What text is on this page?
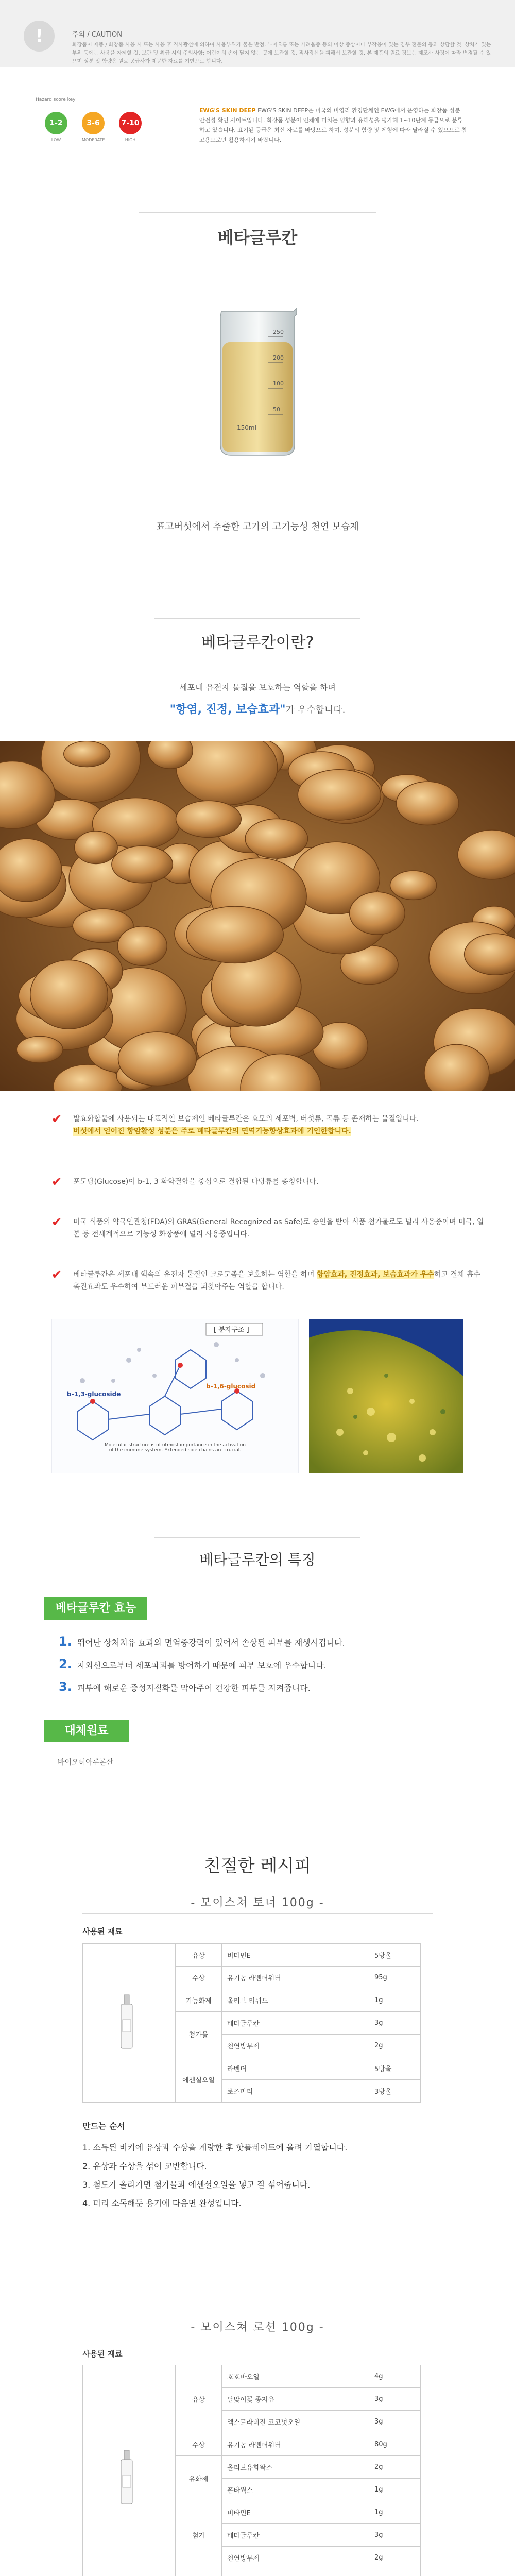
!	주의 / CAUTION
화장품이 제품 / 화장품 사용 시 또는 사용 후 직사광선에 의하여 사용부위가 붉은 반점, 부어오름 또는 가려움증 등의 이상 증상이나 부작용이 있는 경우 전문의 등과 상담할 것. 상처가 있는 부위 등에는 사용을 자제할 것. 보관 및 취급 시의 주의사항: 어린이의 손이 닿지 않는 곳에 보관할 것, 직사광선을 피해서 보관할 것. 본 제품의 원료 정보는 제조사 사정에 따라 변경될 수 있으며 성분 및 함량은 원료 공급사가 제공한 자료를 기반으로 합니다.
Hazard score key
1-2
LOW
3-6
MODERATE
7-10
HIGH
EWG'S SKIN DEEP EWG'S SKIN DEEP은 미국의 비영리 환경단체인 EWG에서 운영하는 화장품 성분 안전성 확인 사이트입니다. 화장품 성분이 인체에 미치는 영향과 유해성을 평가해 1~10단계 등급으로 분류하고 있습니다. 표기된 등급은 최신 자료를 바탕으로 하며, 성분의 함량 및 제형에 따라 달라질 수 있으므로 참고용으로만 활용하시기 바랍니다.
베타글루칸
250
200
100
50
150ml
표고버섯에서 추출한 고가의 고기능성 천연 보습제
베타글루칸이란?
세포내 유전자 물질을 보호하는 역할을 하며
"항염, 진정, 보습효과"가 우수합니다.
✔ 발효화합물에 사용되는 대표적인 보습제인 베타글루칸은 효모의 세포벽, 버섯류, 곡류 등 존재하는 물질입니다.

버섯에서 얻어진 항암활성 성분은 주로 베타글루칸의 면역기능향상효과에 기인한합니다.

✔ 포도당(Glucose)이 b-1, 3 화학결합을 중심으로 결합된 다당류를 총칭합니다.

✔ 미국 식품의 약국연관청(FDA)의 GRAS(General Recognized as Safe)로 승인을 받아 식품 첨가물로도 널리 사용중이며 미국, 일본 등 전세계적으로 기능성 화장품에 널리 사용중입니다.

✔ 베타글루칸은 세포내 핵속의 유전자 물질인 크로모좀을 보호하는 역할을 하며 항암효과, 진정효과, 보습효과가 우수하고 결체 흡수촉진효과도 우수하여 부드러운 피부결을 되찾아주는 역할을 합니다.

[ 분자구조 ]
b-1,3-glucoside
b-1,6-glucosid
Molecular structure is of utmost importance in the activation of the immune system. Extended side chains are crucial.
베타글루칸의 특징
베타글루칸 효능
1. 뛰어난 상처치유 효과와 면역증강력이 있어서 손상된 피부를 재생시킵니다.
2. 자외선으로부터 세포파괴를 방어하기 때문에 피부 보호에 우수합니다.
3. 피부에 해로운 중성지질화를 막아주어 건강한 피부를 지켜줍니다.
대체원료
바이오히아루론산
친절한 레시피
- 모이스쳐 토너 100g -
사용된 재료
	유상	비타민E	5방울
	수상	유기농 라벤더워터	95g
	기능화제	올리브 리퀴드	1g
	첨가물	베타글루칸	3g
		천연방부제	2g
	에센셜오일	라벤더	5방울
		로즈마리	3방울
만드는 순서

1. 소독된 비커에 유상과 수상을 계량한 후 핫플레이트에 올려 가열합니다.

2. 유상과 수상을 섞어 교반합니다.

3. 첨도가 올라가면 첨가물과 에센셜오일을 넣고 잘 섞어줍니다.

4. 미리 소독해둔 용기에 다음면 완성입니다.

- 모이스쳐 로션 100g -
사용된 재료
	유상	호호바오일	4g
		달맞이꽃 종자유	3g
		엑스트라버진 코코넛오일	3g
	수상	유기농 라벤더워터	80g
	유화제	올리브유화왁스	2g
		폰타웍스	1g
	첨가	비타민E	1g
		베타글루칸	3g
		천연방부제	2g
